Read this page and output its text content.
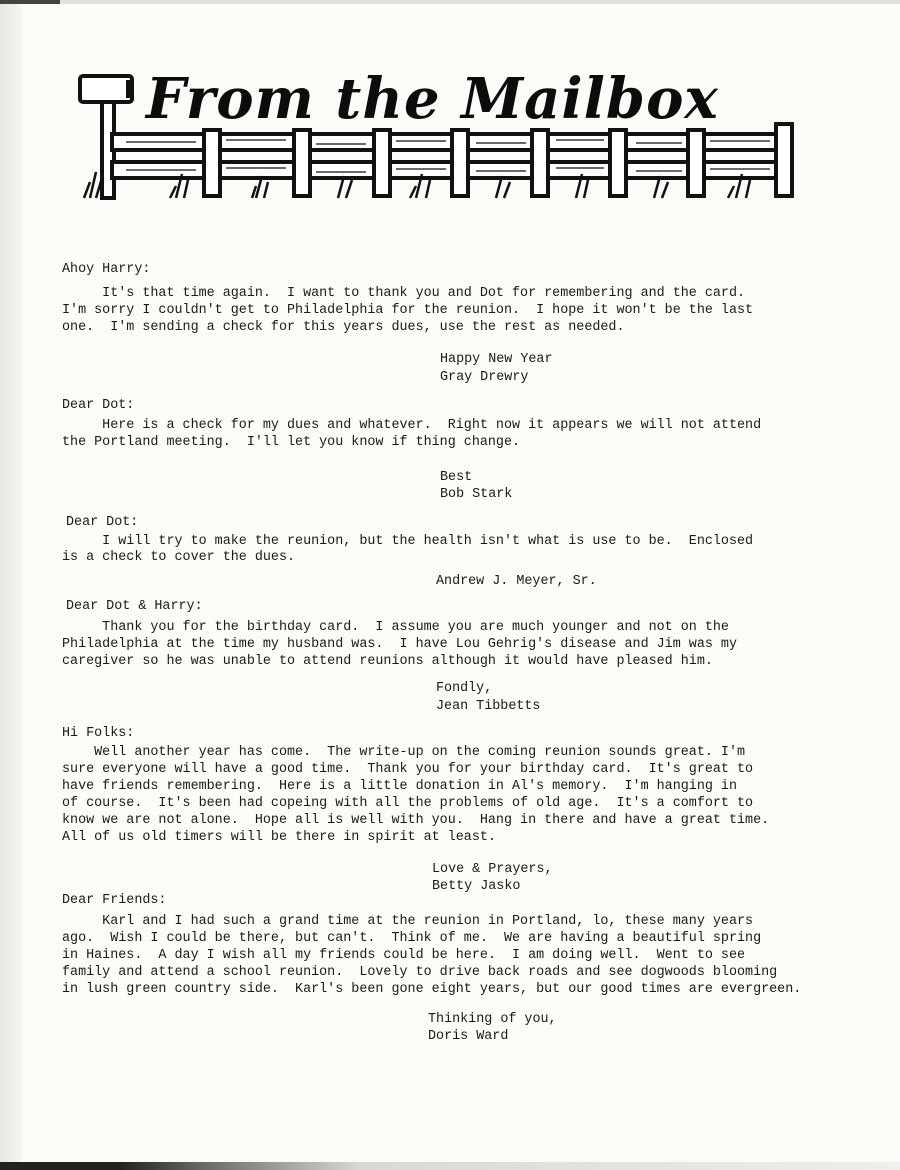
From the Mailbox
Ahoy Harry:
It's that time again.  I want to thank you and Dot for remembering and the card.
I'm sorry I couldn't get to Philadelphia for the reunion.  I hope it won't be the last
one.  I'm sending a check for this years dues, use the rest as needed.
Happy New Year
Gray Drewry
Dear Dot:
Here is a check for my dues and whatever.  Right now it appears we will not attend
the Portland meeting.  I'll let you know if thing change.
Best
Bob Stark
Dear Dot:
I will try to make the reunion, but the health isn't what is use to be.  Enclosed
is a check to cover the dues.
Andrew J. Meyer, Sr.
Dear Dot & Harry:
Thank you for the birthday card.  I assume you are much younger and not on the
Philadelphia at the time my husband was.  I have Lou Gehrig's disease and Jim was my
caregiver so he was unable to attend reunions although it would have pleased him.
Fondly,
Jean Tibbetts
Hi Folks:
Well another year has come.  The write-up on the coming reunion sounds great. I'm
sure everyone will have a good time.  Thank you for your birthday card.  It's great to
have friends remembering.  Here is a little donation in Al's memory.  I'm hanging in
of course.  It's been had copeing with all the problems of old age.  It's a comfort to
know we are not alone.  Hope all is well with you.  Hang in there and have a great time.
All of us old timers will be there in spirit at least.
Love & Prayers,
Betty Jasko
Dear Friends:
Karl and I had such a grand time at the reunion in Portland, lo, these many years
ago.  Wish I could be there, but can't.  Think of me.  We are having a beautiful spring
in Haines.  A day I wish all my friends could be here.  I am doing well.  Went to see
family and attend a school reunion.  Lovely to drive back roads and see dogwoods blooming
in lush green country side.  Karl's been gone eight years, but our good times are evergreen.
Thinking of you,
Doris Ward
